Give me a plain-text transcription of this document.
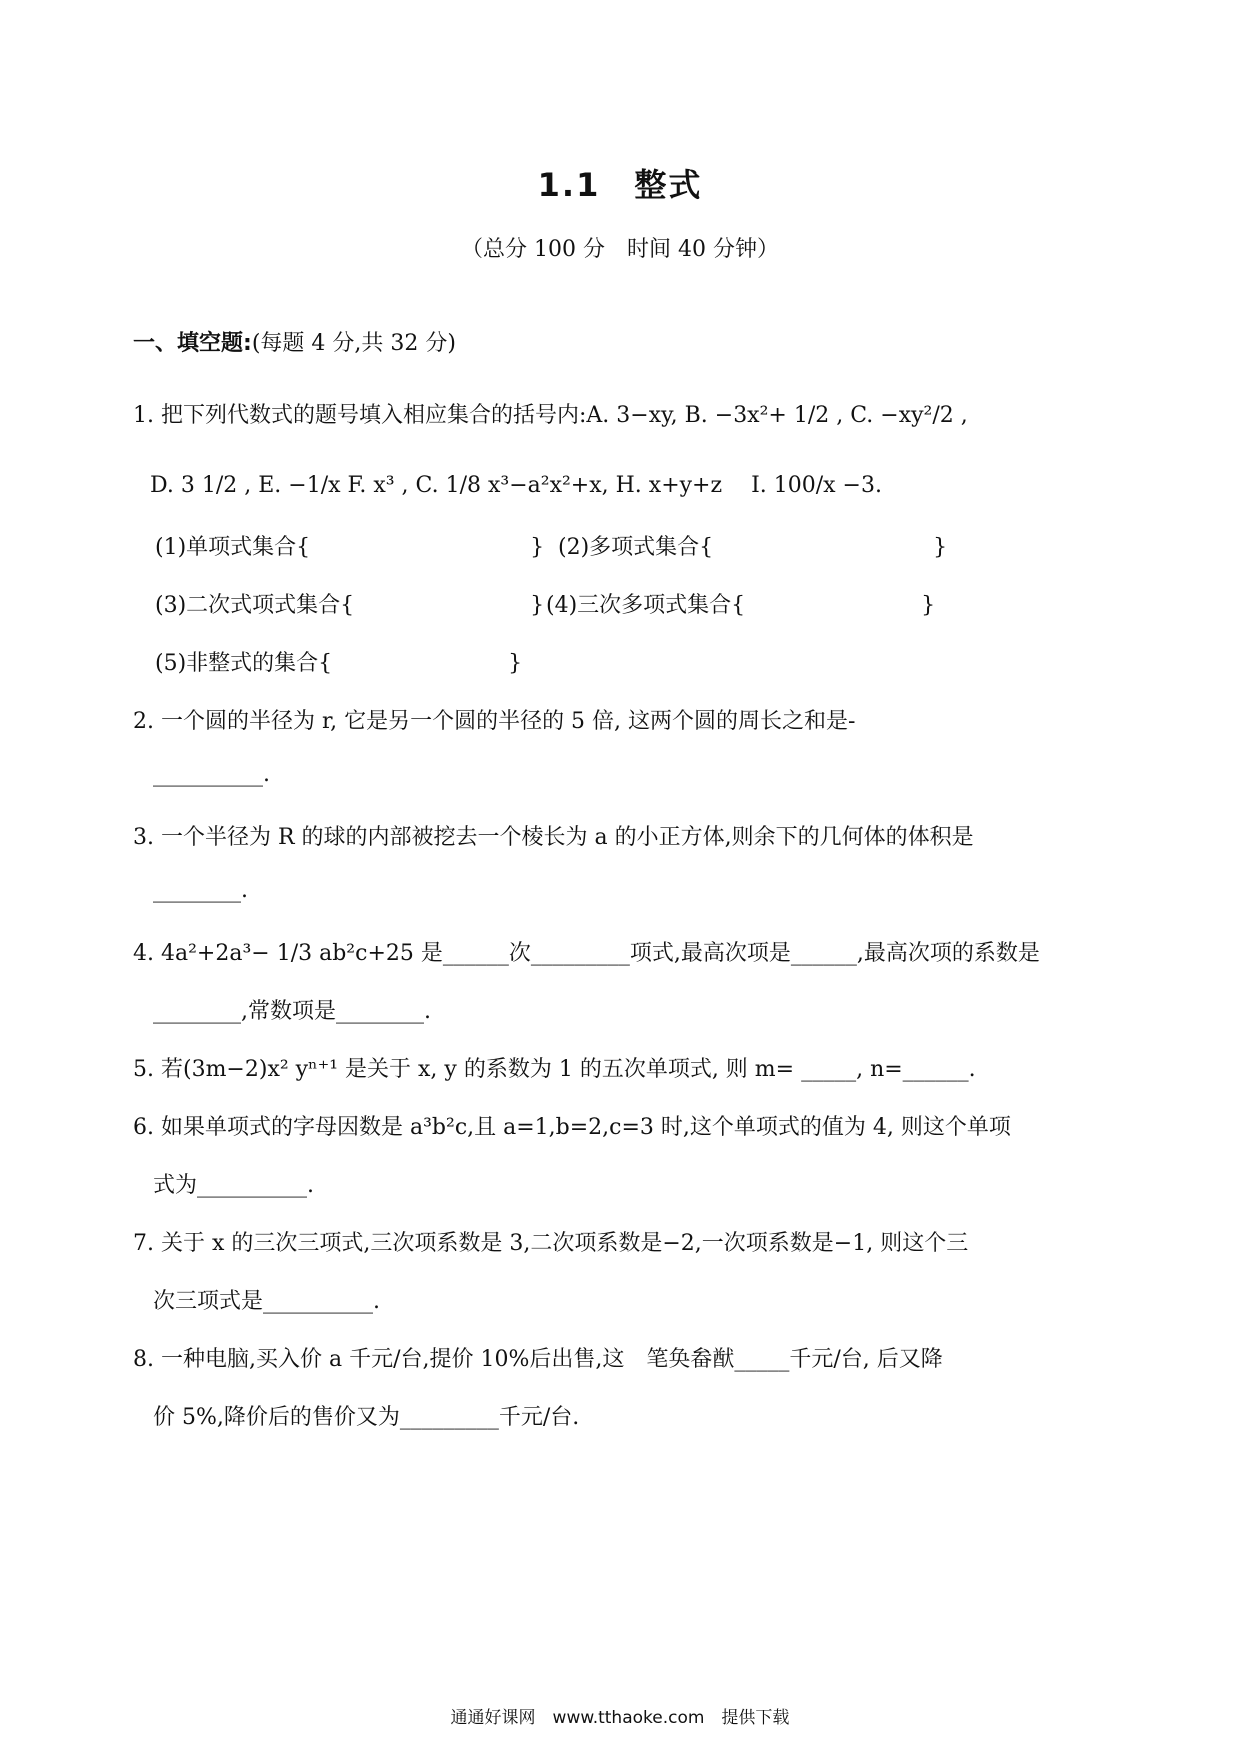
1.1　整式
（总分 100 分　时间 40 分钟）
一、填空题:(每题 4 分,共 32 分)
1. 把下列代数式的题号填入相应集合的括号内:A. 3−xy, B. −3x²+ 1/2 , C. −xy²/2 ,
D. 3 1/2 , E. −1/x F. x³ , C. 1/8 x³−a²x²+x, H. x+y+z　 I. 100/x −3.
(1)单项式集合{　　　　　　　　　　} (2)多项式集合{　　　　　　　　　　}
(3)二次式项式集合{　　　　　　　　} (4)三次多项式集合{　　　　　　　　}
(5)非整式的集合{　　　　　　　　}
2. 一个圆的半径为 r, 它是另一个圆的半径的 5 倍, 这两个圆的周长之和是-
__________.
3. 一个半径为 R 的球的内部被挖去一个棱长为 a 的小正方体,则余下的几何体的体积是
________.
4. 4a²+2a³− 1/3 ab²c+25 是______次_________项式,最高次项是______,最高次项的系数是
________,常数项是________.
5. 若(3m−2)x² yⁿ⁺¹ 是关于 x, y 的系数为 1 的五次单项式, 则 m= _____, n=______.
6. 如果单项式的字母因数是 a³b²c,且 a=1,b=2,c=3 时,这个单项式的值为 4, 则这个单项
式为__________.
7. 关于 x 的三次三项式,三次项系数是 3,二次项系数是−2,一次项系数是−1, 则这个三
次三项式是__________.
8. 一种电脑,买入价 a 千元/台,提价 10%后出售,这　笔奂畚猷_____千元/台, 后又降
价 5%,降价后的售价又为_________千元/台.
通通好课网　www.tthaoke.com　提供下载
